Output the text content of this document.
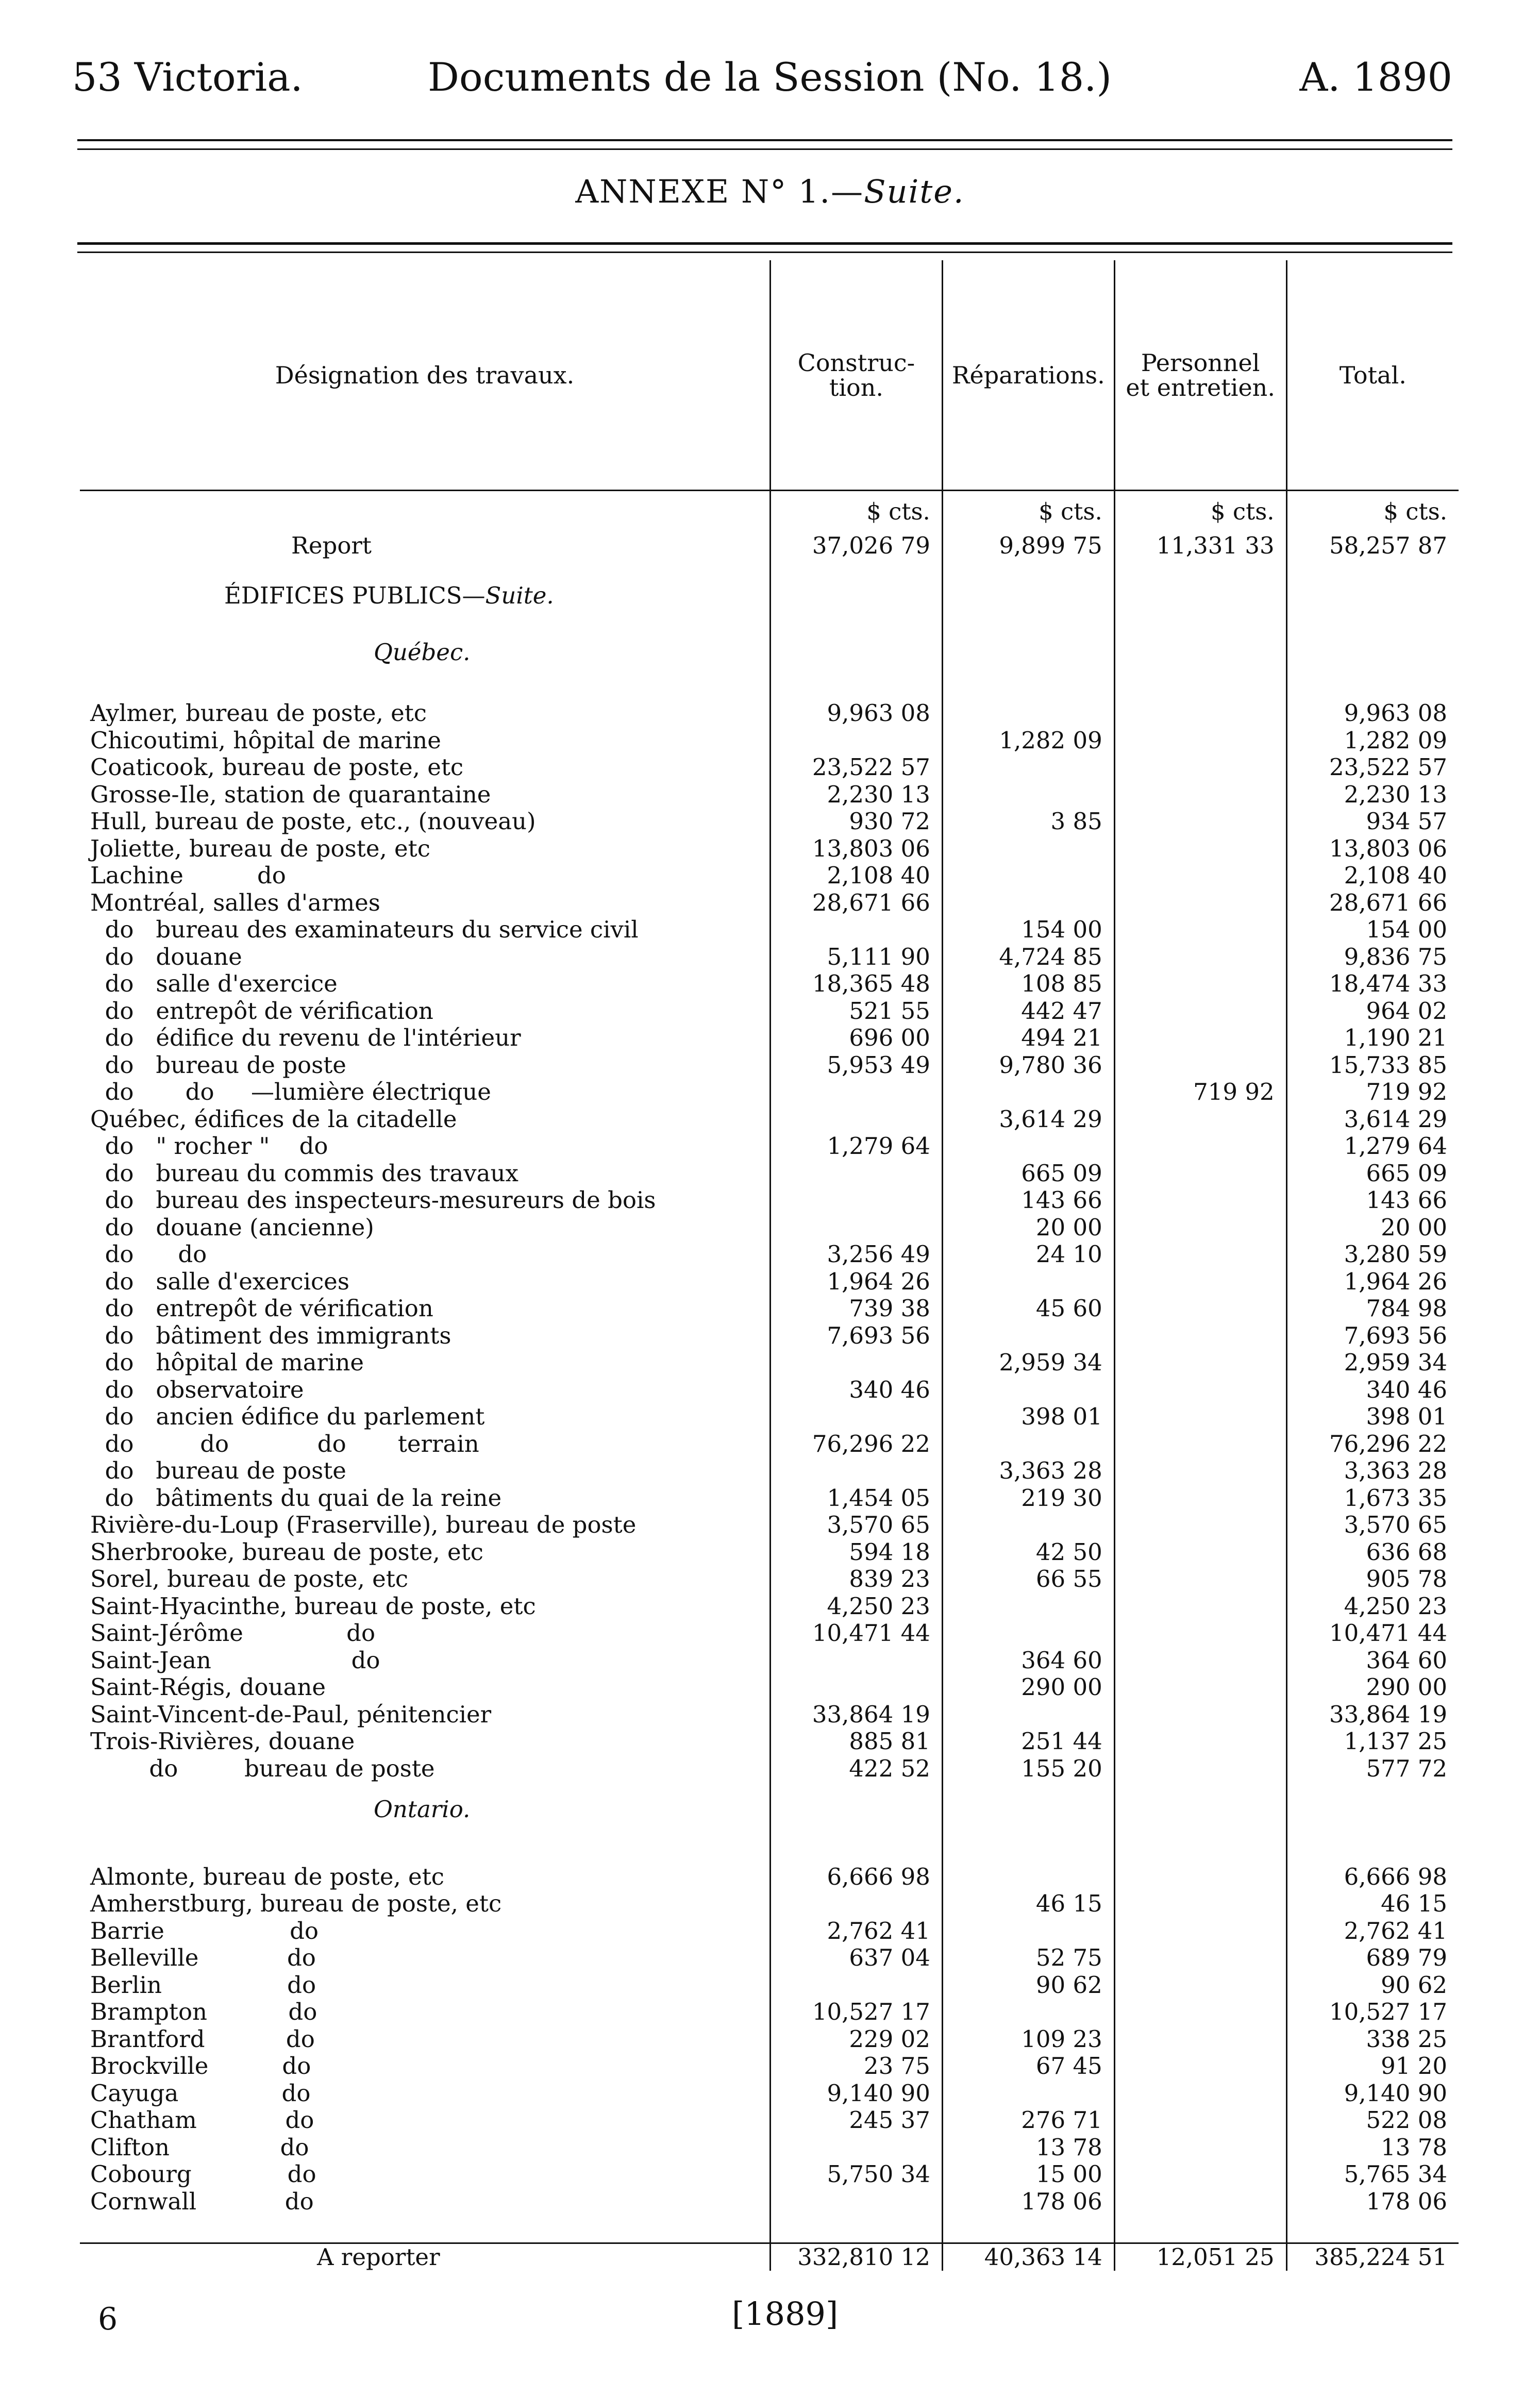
53 Victoria.	Documents de la Session (No. 18.)	A. 1890
ANNEXE N° 1.—Suite.
Désignation des travaux.	Construc- tion.	Réparations.	Personnel et entretien.	Total.
	$ cts.	$ cts.	$ cts.	$ cts.
Report	37,026 79	9,899 75	11,331 33	58,257 87
ÉDIFICES PUBLICS—Suite.				
Québec.				

Aylmer, bureau de poste, etc	9,963 08			9,963 08
Chicoutimi, hôpital de marine		1,282 09		1,282 09
Coaticook, bureau de poste, etc	23,522 57			23,522 57
Grosse-Ile, station de quarantaine	2,230 13			2,230 13
Hull, bureau de poste, etc., (nouveau)	930 72	3 85		934 57
Joliette, bureau de poste, etc	13,803 06			13,803 06
Lachine          do	2,108 40			2,108 40
Montréal, salles d'armes	28,671 66			28,671 66
do   bureau des examinateurs du service civil		154 00		154 00
do   douane	5,111 90	4,724 85		9,836 75
do   salle d'exercice	18,365 48	108 85		18,474 33
do   entrepôt de vérification	521 55	442 47		964 02
do   édifice du revenu de l'intérieur	696 00	494 21		1,190 21
do   bureau de poste	5,953 49	9,780 36		15,733 85
do       do     —lumière électrique			719 92	719 92
Québec, édifices de la citadelle		3,614 29		3,614 29
do   " rocher "    do	1,279 64			1,279 64
do   bureau du commis des travaux		665 09		665 09
do   bureau des inspecteurs-mesureurs de bois		143 66		143 66
do   douane (ancienne)		20 00		20 00
do      do	3,256 49	24 10		3,280 59
do   salle d'exercices	1,964 26			1,964 26
do   entrepôt de vérification	739 38	45 60		784 98
do   bâtiment des immigrants	7,693 56			7,693 56
do   hôpital de marine		2,959 34		2,959 34
do   observatoire	340 46			340 46
do   ancien édifice du parlement		398 01		398 01
do         do            do       terrain	76,296 22			76,296 22
do   bureau de poste		3,363 28		3,363 28
do   bâtiments du quai de la reine	1,454 05	219 30		1,673 35
Rivière-du-Loup (Fraserville), bureau de poste	3,570 65			3,570 65
Sherbrooke, bureau de poste, etc	594 18	42 50		636 68
Sorel, bureau de poste, etc	839 23	66 55		905 78
Saint-Hyacinthe, bureau de poste, etc	4,250 23			4,250 23
Saint-Jérôme              do	10,471 44			10,471 44
Saint-Jean                   do		364 60		364 60
Saint-Régis, douane		290 00		290 00
Saint-Vincent-de-Paul, pénitencier	33,864 19			33,864 19
Trois-Rivières, douane	885 81	251 44		1,137 25
do         bureau de poste	422 52	155 20		577 72
Ontario.				

Almonte, bureau de poste, etc	6,666 98			6,666 98
Amherstburg, bureau de poste, etc		46 15		46 15
Barrie                 do	2,762 41			2,762 41
Belleville            do	637 04	52 75		689 79
Berlin                 do		90 62		90 62
Brampton           do	10,527 17			10,527 17
Brantford           do	229 02	109 23		338 25
Brockville          do	23 75	67 45		91 20
Cayuga              do	9,140 90			9,140 90
Chatham            do	245 37	276 71		522 08
Clifton               do		13 78		13 78
Cobourg             do	5,750 34	15 00		5,765 34
Cornwall            do		178 06		178 06

A reporter	332,810 12	40,363 14	12,051 25	385,224 51
6	[1889]
